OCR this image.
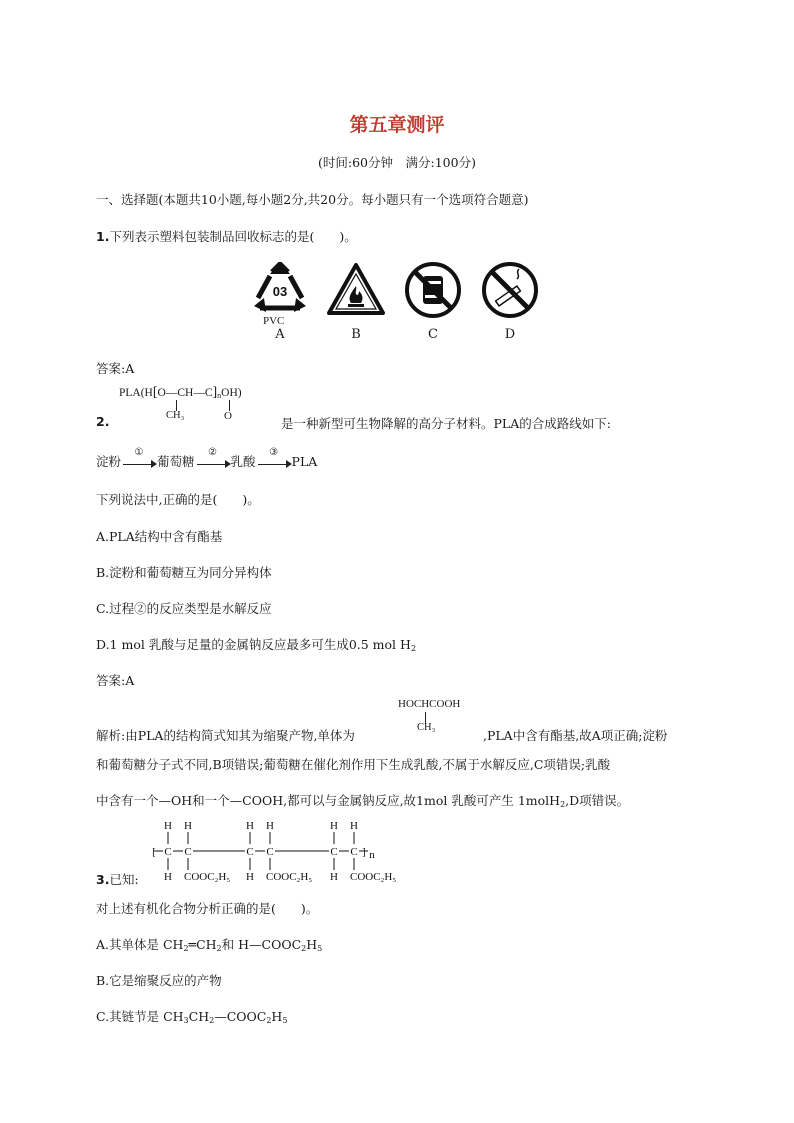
第五章测评
(时间:60分钟　满分:100分)
一、选择题(本题共10小题,每小题2分,共20分。每小题只有一个选项符合题意)
1.下列表示塑料包装制品回收标志的是(　　)。
03
PVC
A	B	C	D
答案:A
$PLA(H[O—CH—C]_nOH)$
CH₃	O
2.	是一种新型可生物降解的高分子材料。PLA的合成路线如下:
淀粉
①
葡萄糖
②
乳酸
③
PLA
下列说法中,正确的是(　　)。
A.PLA结构中含有酯基
B.淀粉和葡萄糖互为同分异构体
C.过程②的反应类型是水解反应
D.1 mol 乳酸与足量的金属钠反应最多可生成0.5 mol $H_2$
答案:A
HOCHCOOH
CH₃
解析:由PLA的结构简式知其为缩聚产物,单体为	,PLA中含有酯基,故A项正确;淀粉
和葡萄糖分子式不同,B项错误;葡萄糖在催化剂作用下生成乳酸,不属于水解反应,C项错误;乳酸
中含有一个—OH和一个—COOH,都可以与金属钠反应,故1mol 乳酸可产生 1molH$_2$,D项错误。
H
C
H
H
C
COOC₂H₅
H
C
H
H
C
COOC₂H₅
H
C
H
H
C
COOC₂H₅
[	] n
3.已知:
对上述有机化合物分析正确的是(　　)。
A.其单体是 $CH_2═CH_2$和 $H—COOC_2H_5$
B.它是缩聚反应的产物
C.其链节是 $CH_3CH_2—COOC_2H_5$
